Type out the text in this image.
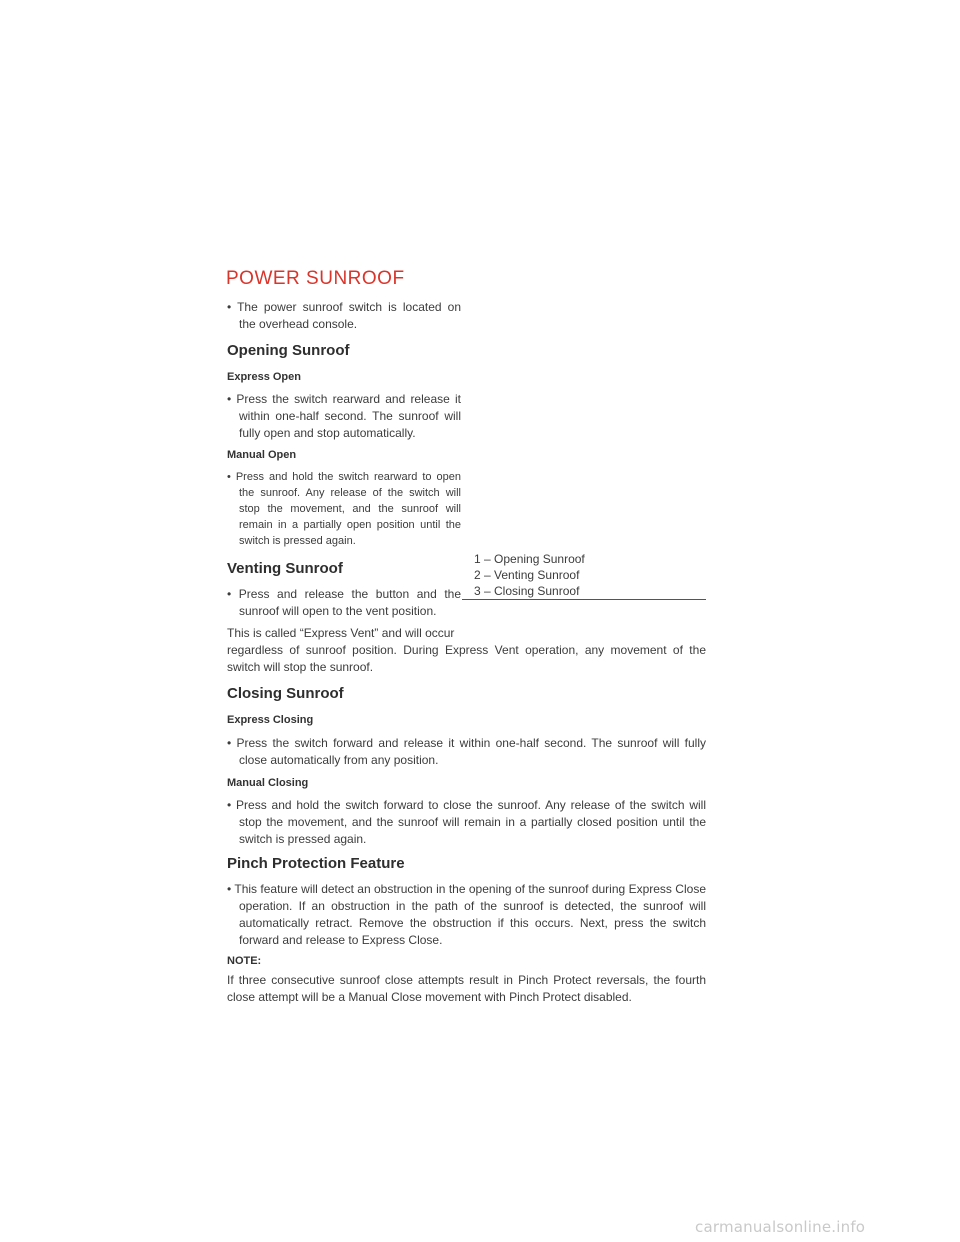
POWER SUNROOF

• The power sunroof switch is located on the overhead console.

Opening Sunroof
Express Open

• Press the switch rearward and release it within one-half second. The sunroof will fully open and stop automatically.

Manual Open

• Press and hold the switch rearward to open the sunroof. Any release of the switch will stop the movement, and the sunroof will remain in a partially open position until the switch is pressed again.

1 – Opening Sunroof
2 – Venting Sunroof
3 – Closing Sunroof
Venting Sunroof

• Press and release the button and the sunroof will open to the vent position.

This is called “Express Vent” and will occur

regardless of sunroof position. During Express Vent operation, any movement of the switch will stop the sunroof.

Closing Sunroof
Express Closing

• Press the switch forward and release it within one-half second. The sunroof will fully close automatically from any position.

Manual Closing

• Press and hold the switch forward to close the sunroof. Any release of the switch will stop the movement, and the sunroof will remain in a partially closed position until the switch is pressed again.

Pinch Protection Feature

• This feature will detect an obstruction in the opening of the sunroof during Express Close operation. If an obstruction in the path of the sunroof is detected, the sunroof will automatically retract. Remove the obstruction if this occurs. Next, press the switch forward and release to Express Close.

NOTE:

If three consecutive sunroof close attempts result in Pinch Protect reversals, the fourth close attempt will be a Manual Close movement with Pinch Protect disabled.

carmanualsonline.info
